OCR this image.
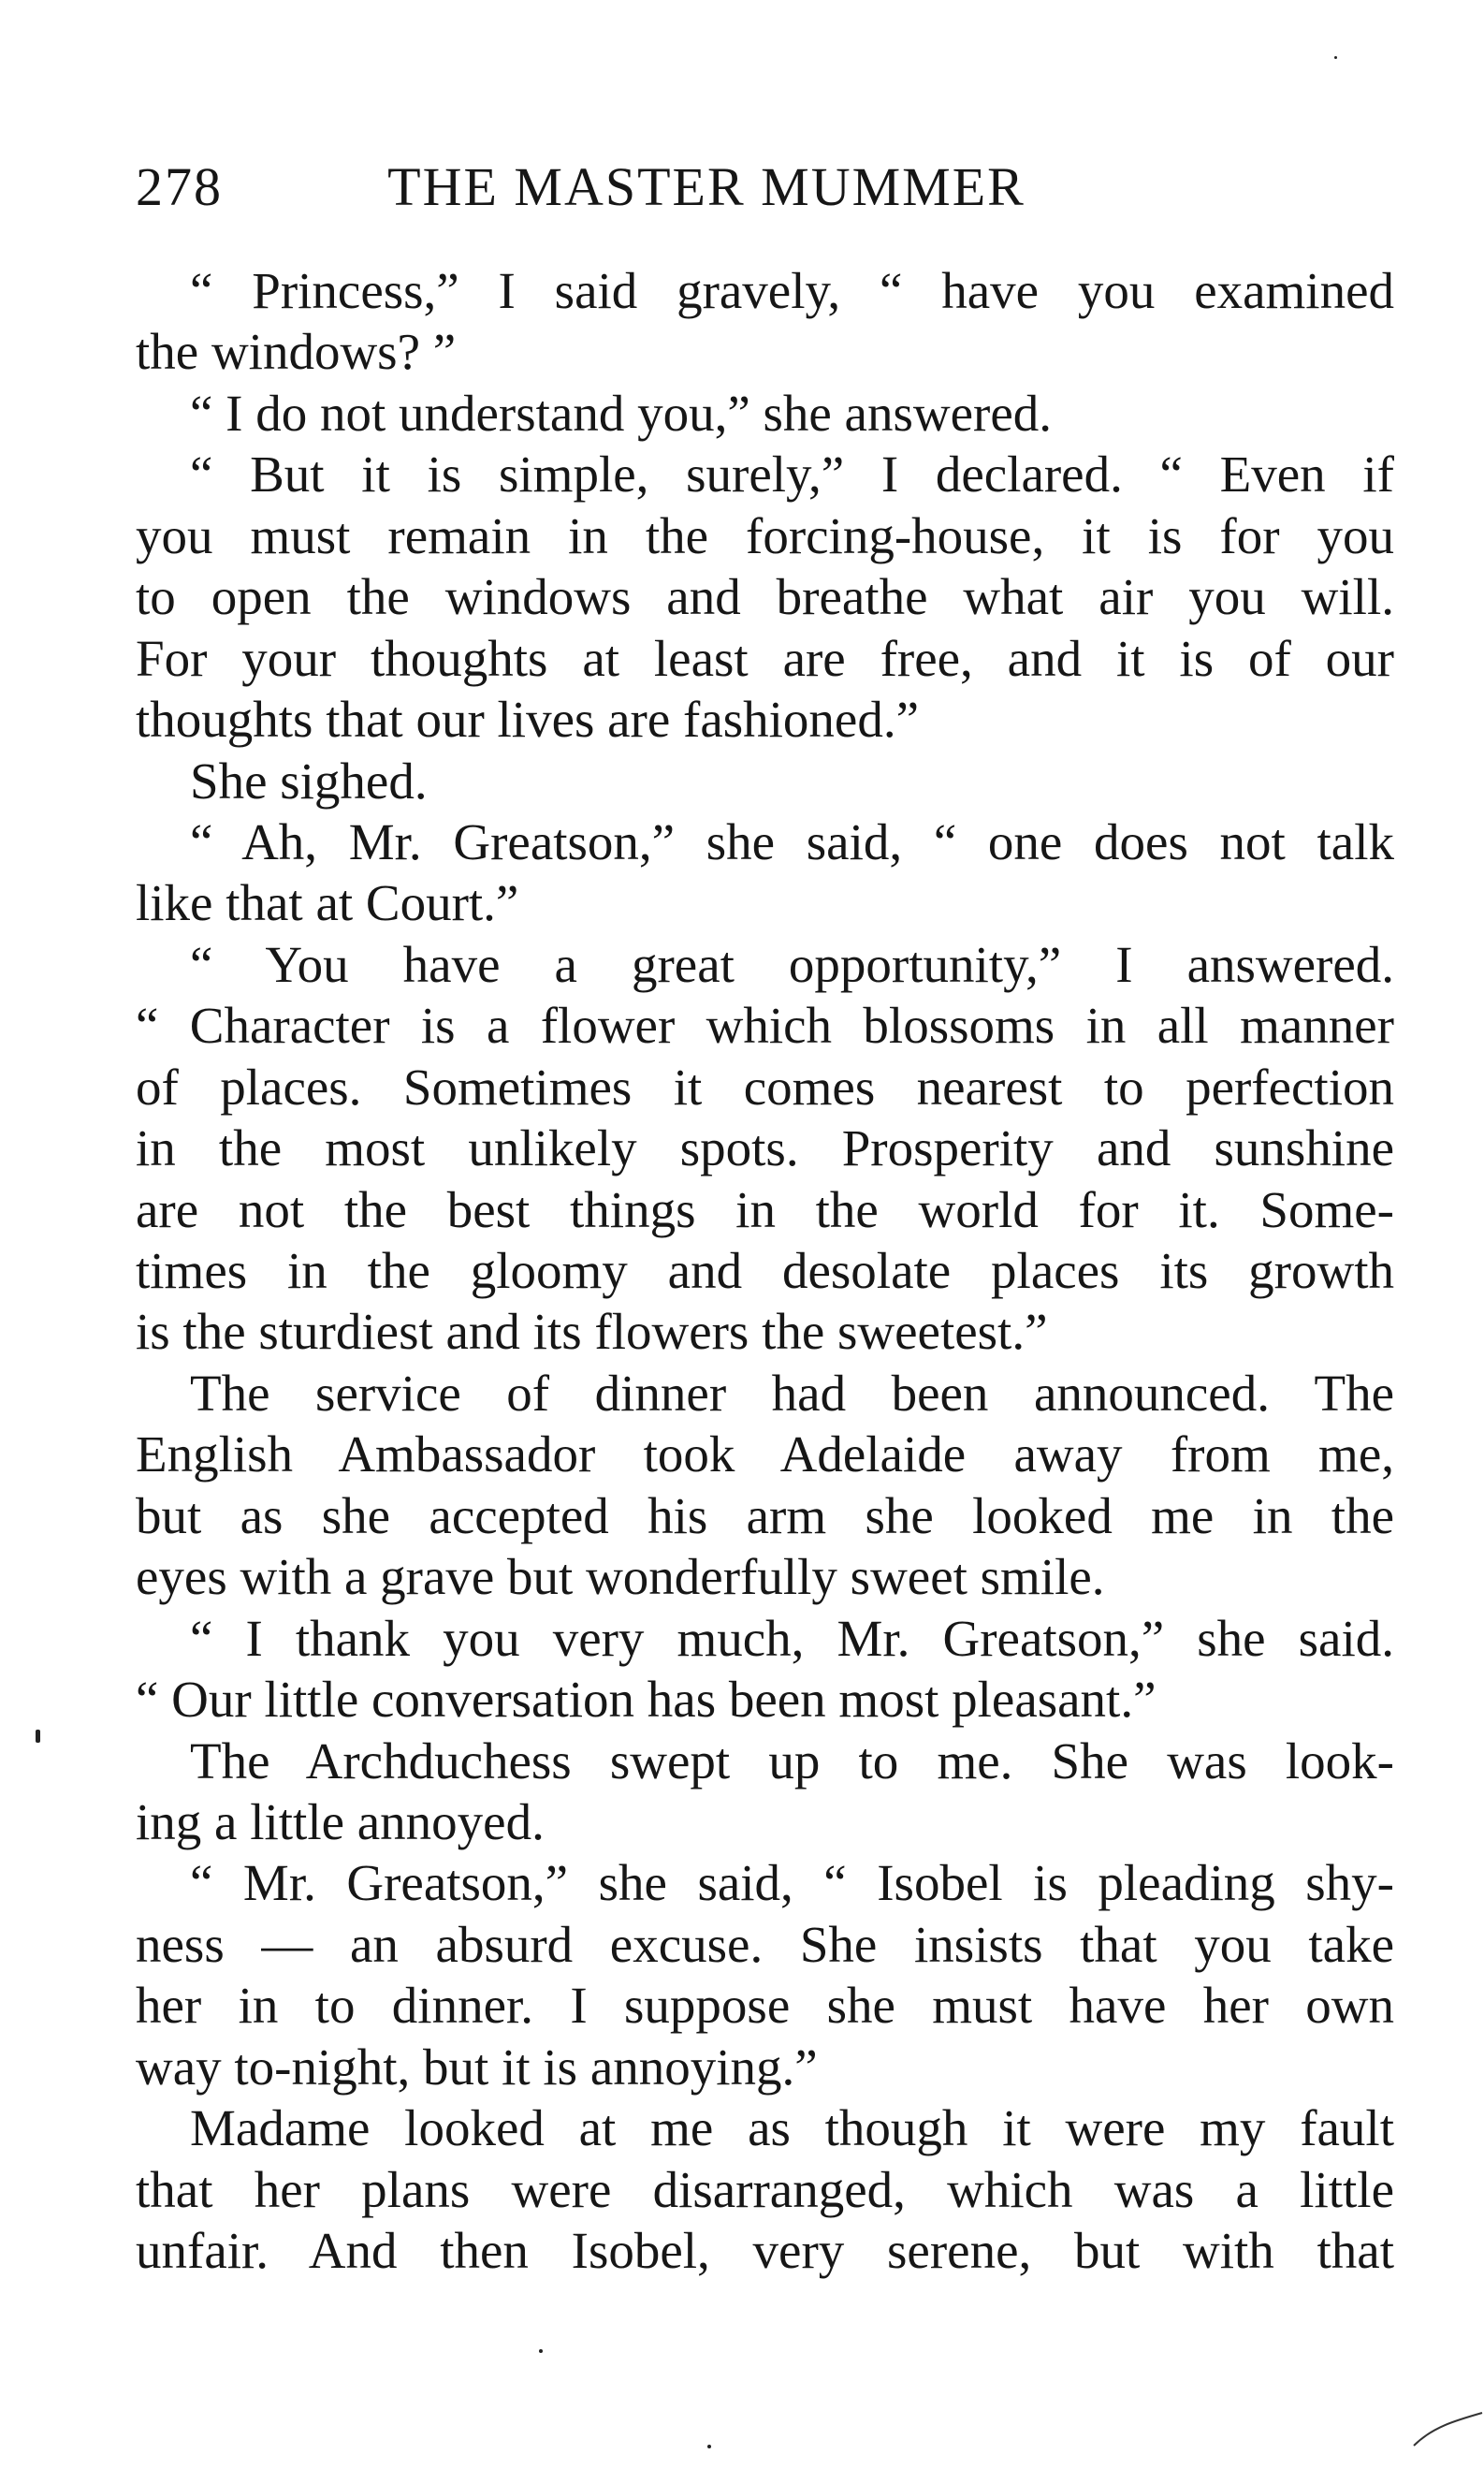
278	THE MASTER MUMMER
“ Princess,” I said gravely, “ have you examined
the windows? ”
“ I do not understand you,” she answered.
“ But it is simple, surely,” I declared. “ Even if
you must remain in the forcing-house, it is for you
to open the windows and breathe what air you will.
For your thoughts at least are free, and it is of our
thoughts that our lives are fashioned.”
She sighed.
“ Ah, Mr. Greatson,” she said, “ one does not talk
like that at Court.”
“ You have a great opportunity,” I answered.
“ Character is a flower which blossoms in all manner
of places. Sometimes it comes nearest to perfection
in the most unlikely spots. Prosperity and sunshine
are not the best things in the world for it. Some-
times in the gloomy and desolate places its growth
is the sturdiest and its flowers the sweetest.”
The service of dinner had been announced. The
English Ambassador took Adelaide away from me,
but as she accepted his arm she looked me in the
eyes with a grave but wonderfully sweet smile.
“ I thank you very much, Mr. Greatson,” she said.
“ Our little conversation has been most pleasant.”
The Archduchess swept up to me. She was look-
ing a little annoyed.
“ Mr. Greatson,” she said, “ Isobel is pleading shy-
ness — an absurd excuse. She insists that you take
her in to dinner. I suppose she must have her own
way to-night, but it is annoying.”
Madame looked at me as though it were my fault
that her plans were disarranged, which was a little
unfair. And then Isobel, very serene, but with that
